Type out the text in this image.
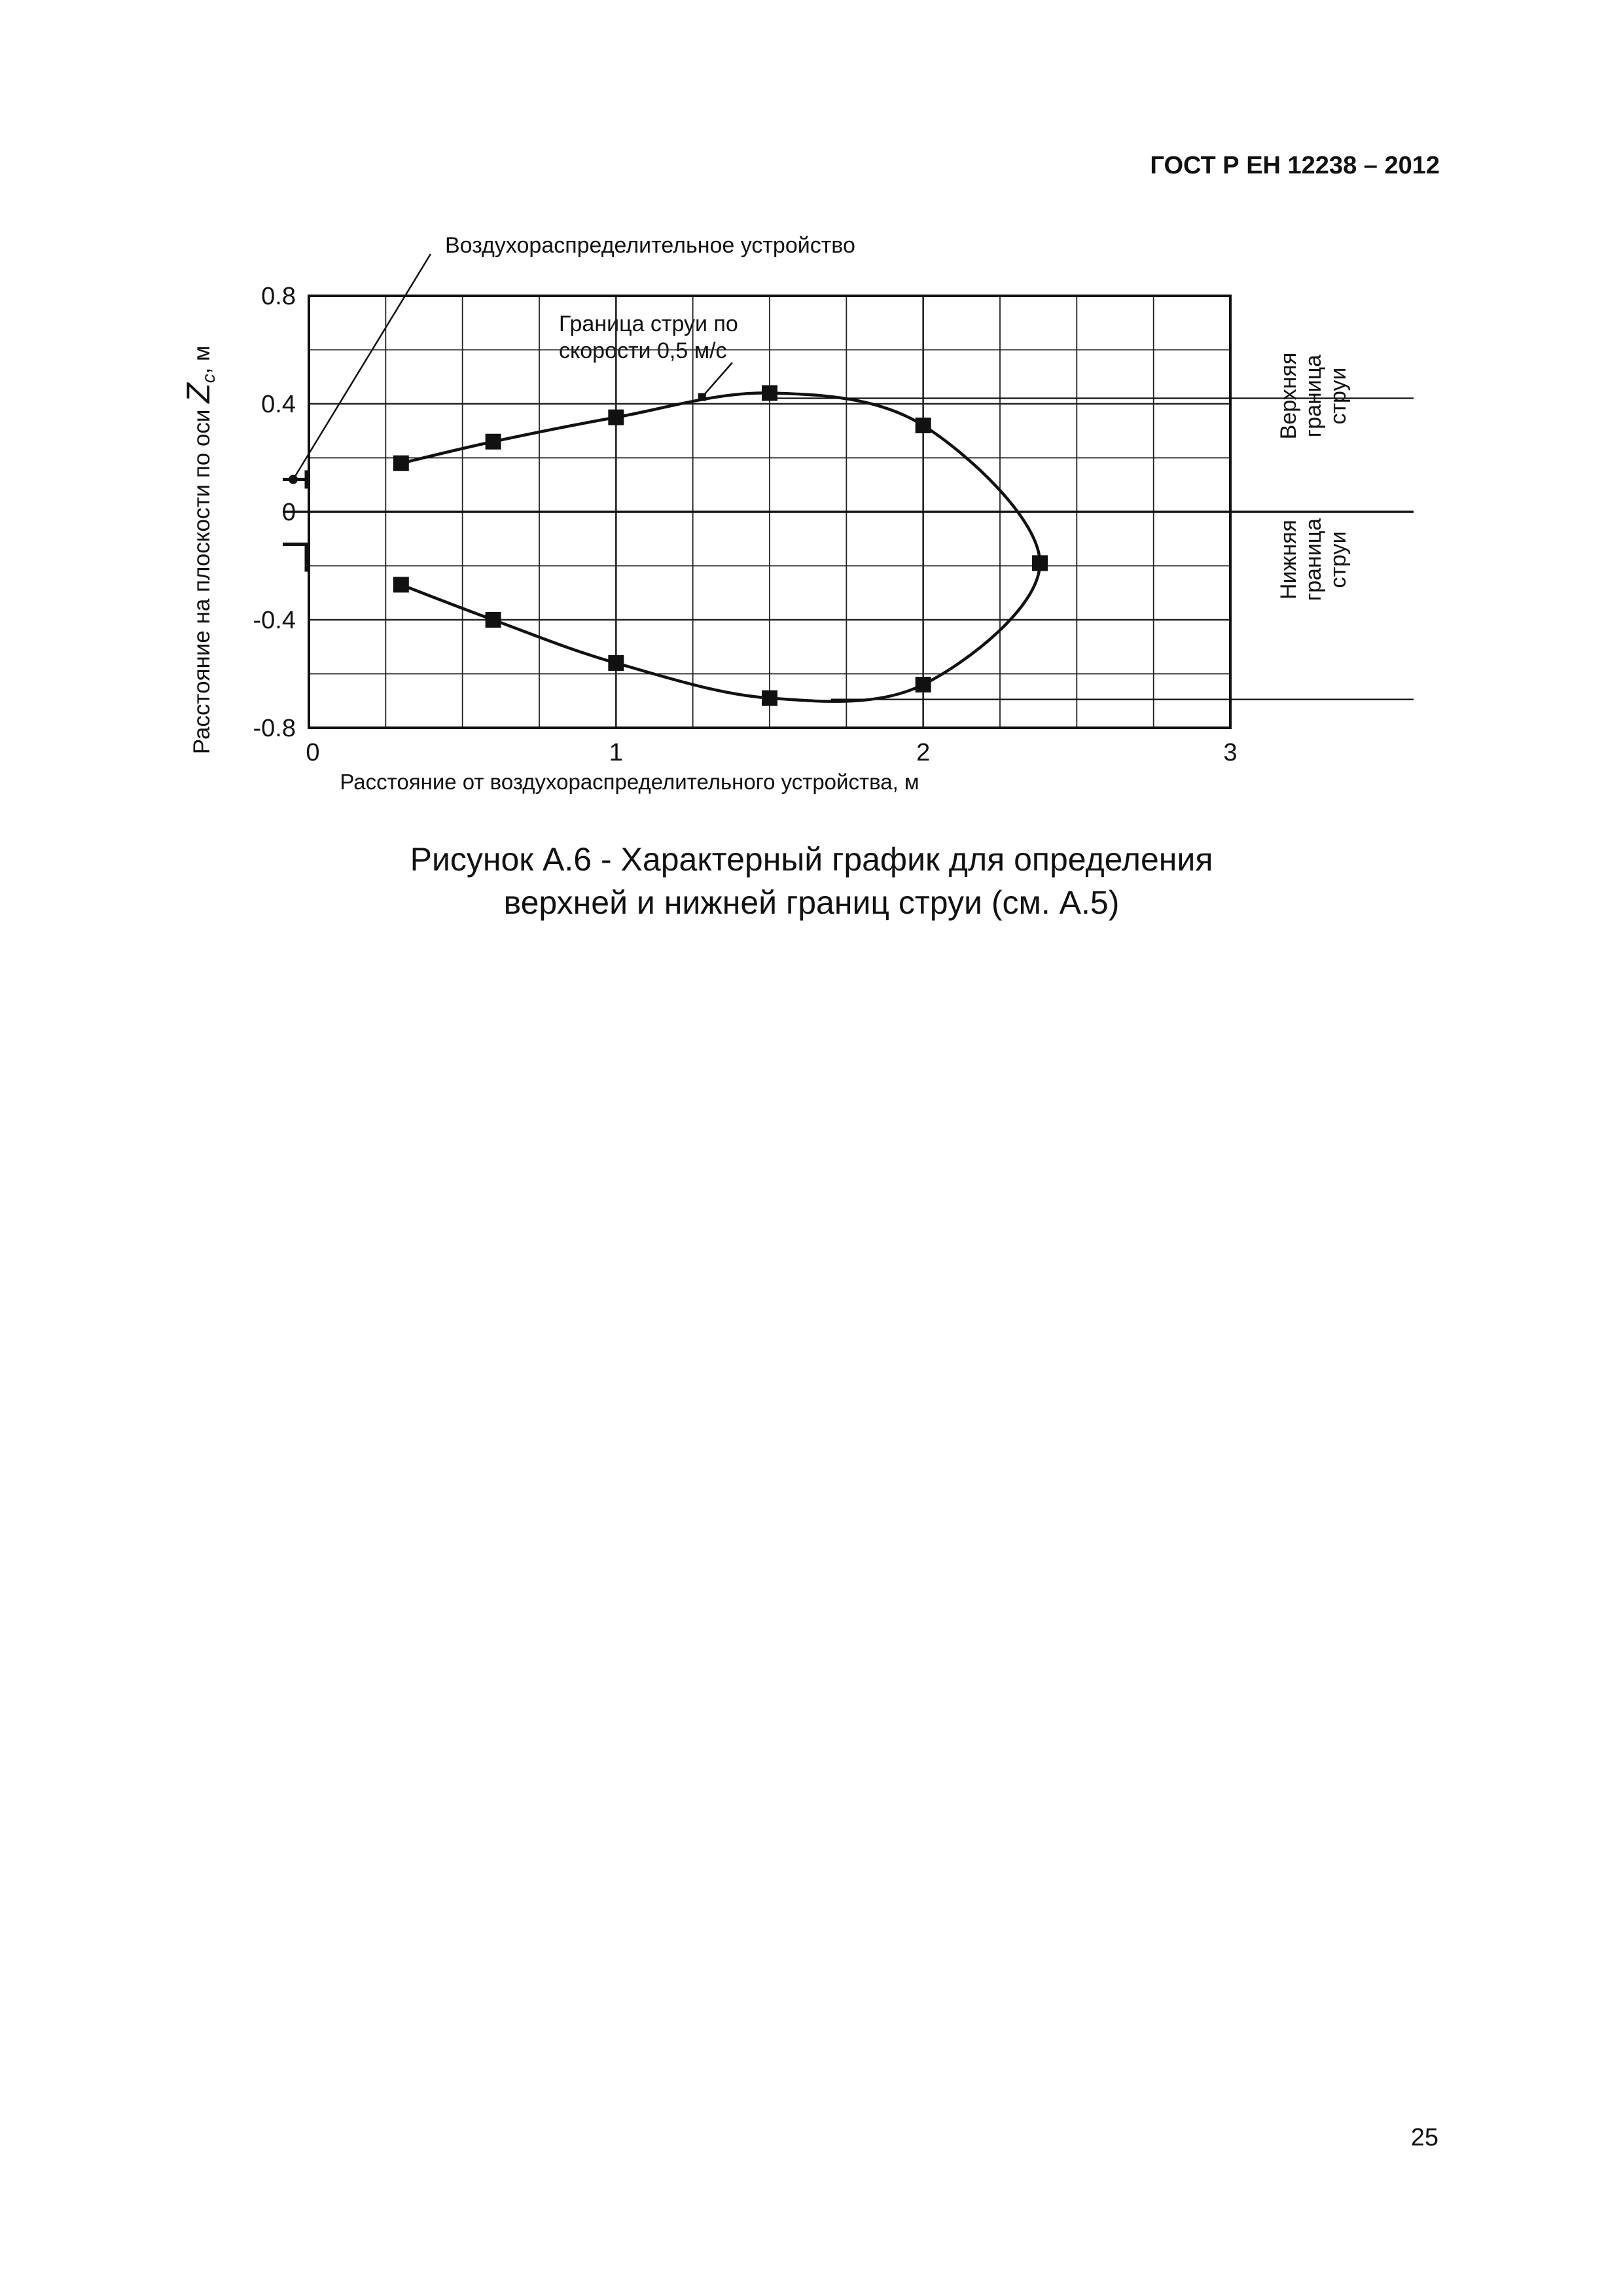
ГОСТ Р ЕН 12238 – 2012
Расстояние на плоскости по оси $Z_c$, м
Расстояние от воздухораспределительного устройства, м
Воздухораспределительное устройство
Граница струи по
скорости 0,5 м/с
Верхняя граница струи
Нижняя граница струи
0	1	2	3
0.8
0.4
0
-0.4
-0.8
Рисунок А.6 - Характерный график для определения
верхней и нижней границ струи (см. А.5)
25
